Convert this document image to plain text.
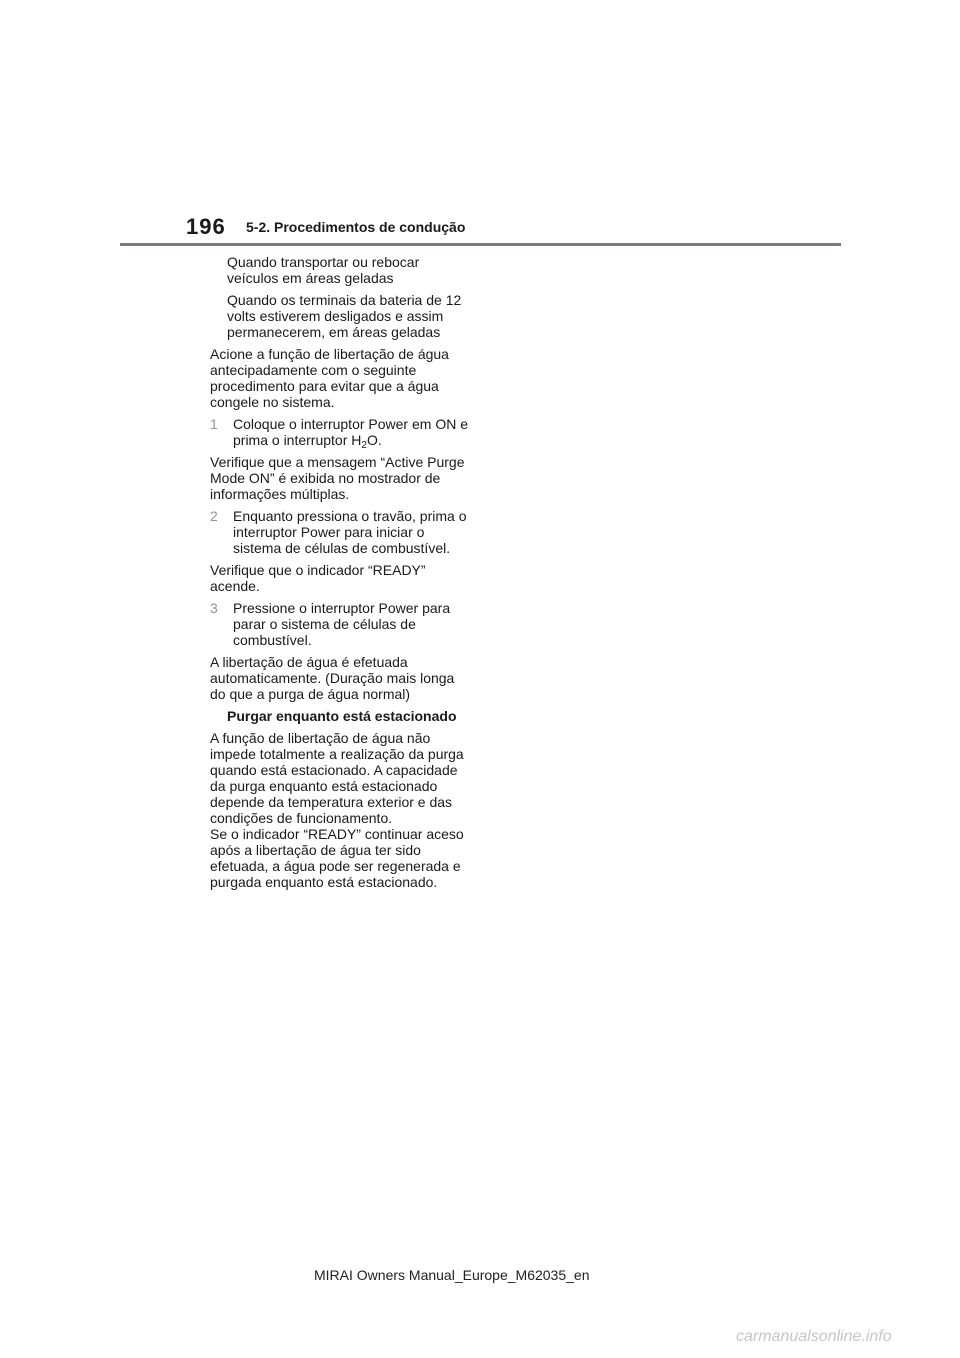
196 5-2. Procedimentos de condução
Quando transportar ou rebocar veículos em áreas geladas
Quando os terminais da bateria de 12 volts estiverem desligados e assim permanecerem, em áreas geladas

Acione a função de libertação de água antecipadamente com o seguinte procedimento para evitar que a água congele no sistema.

1	Coloque o interruptor Power em ON e prima o interruptor $H_2O$.

Verifique que a mensagem “Active Purge Mode ON” é exibida no mostrador de informações múltiplas.

2	Enquanto pressiona o travão, prima o interruptor Power para iniciar o sistema de células de combustível.

Verifique que o indicador “READY” acende.

3	Pressione o interruptor Power para parar o sistema de células de combustível.

A libertação de água é efetuada automaticamente. (Duração mais longa do que a purga de água normal)

Purgar enquanto está estacionado

A função de libertação de água não impede totalmente a realização da purga quando está estacionado. A capacidade da purga enquanto está estacionado depende da temperatura exterior e das condições de funcionamento.

Se o indicador “READY” continuar aceso após a libertação de água ter sido efetuada, a água pode ser regenerada e purgada enquanto está estacionado.

MIRAI Owners Manual_Europe_M62035_en
carmanualsonline.info
